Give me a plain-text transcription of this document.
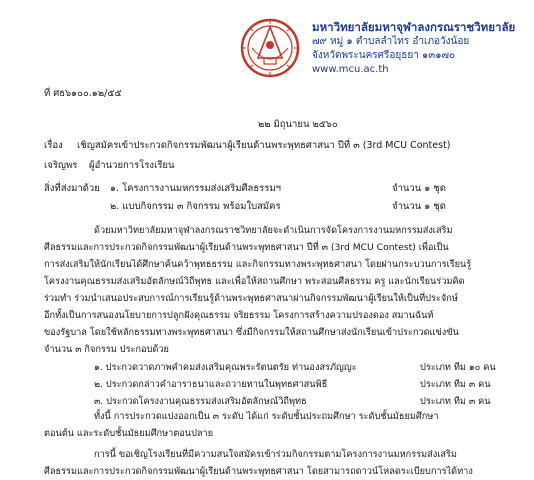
มหาวิทยาลัยมหาจุฬาลงกรณราชวิทยาลัย
๗๙ หมู่ ๑ ตำบลลำไทร อำเภอวังน้อย
จังหวัดพระนครศรีอยุธยา ๑๓๑๗๐
www.mcu.ac.th
ที่ ศธ๖๑๐๐.๑๒/๕๕
๒๒ มิถุนายน ๒๕๖๐
เรื่อง เชิญสมัครเข้าประกวดกิจกรรมพัฒนาผู้เรียนด้านพระพุทธศาสนา ปีที่ ๓ (3rd MCU Contest)
เจริญพร ผู้อำนวยการโรงเรียน
สิ่งที่ส่งมาด้วย ๑. โครงการงานมหกรรมส่งเสริมศีลธรรมฯ	จำนวน ๑ ชุด
๒. แบบกิจกรรม ๓ กิจกรรม พร้อมใบสมัคร	จำนวน ๑ ชุด
ด้วยมหาวิทยาลัยมหาจุฬาลงกรณราชวิทยาลัยจะดำเนินการจัดโครงการงานมหกรรมส่งเสริม
ศีลธรรมและการประกวดกิจกรรมพัฒนาผู้เรียนด้านพระพุทธศาสนา ปีที่ ๓ (3rd MCU Contest) เพื่อเป็น
การส่งเสริมให้นักเรียนได้ศึกษาค้นคว้าพุทธธรรม และกิจกรรมทางพระพุทธศาสนา โดยผ่านกระบวนการเรียนรู้
โครงงานคุณธรรมส่งเสริมอัตลักษณ์วิถีพุทธ และเพื่อให้สถานศึกษา พระสอนศีลธรรม ครู และนักเรียนร่วมคิด
ร่วมทำ ร่วมนำเสนอประสบการณ์การเรียนรู้ด้านพระพุทธศาสนาผ่านกิจกรรมพัฒนาผู้เรียนให้เป็นที่ประจักษ์
อีกทั้งเป็นการสนองนโยบายการปลูกฝังคุณธรรม จริยธรรม โครงการสร้างความปรองดอง สมานฉันท์
ของรัฐบาล โดยใช้หลักธรรมทางพระพุทธศาสนา ซึ่งมีกิจกรรมให้สถานศึกษาส่งนักเรียนเข้าประกวดแข่งขัน
จำนวน ๓ กิจกรรม ประกอบด้วย
๑. ประกวดวาดภาพคำคมส่งเสริมคุณพระรัตนตรัย ท่านองสรภัญญะ	ประเภท ทีม ๑๐ คน
๒. ประกวดกล่าวคำอาราธนาและถวายทานในพุทธศาสนพิธี	ประเภท ทีม ๓ คน
๓. ประกวดโครงงานคุณธรรมส่งเสริมอัตลักษณ์วิถีพุทธ	ประเภท ทีม ๓ คน
ทั้งนี้ การประกวดแบ่งออกเป็น ๓ ระดับ ได้แก่ ระดับชั้นประถมศึกษา ระดับชั้นมัธยมศึกษา
ตอนต้น และระดับชั้นมัธยมศึกษาตอนปลาย
การนี้ ขอเชิญโรงเรียนที่มีความสนใจสมัครเข้าร่วมกิจกรรมตามโครงการงานมหกรรมส่งเสริม
ศีลธรรมและการประกวดกิจกรรมพัฒนาผู้เรียนด้านพระพุทธศาสนา โดยสามารถดาวน์โหลดระเบียบการได้ทาง
